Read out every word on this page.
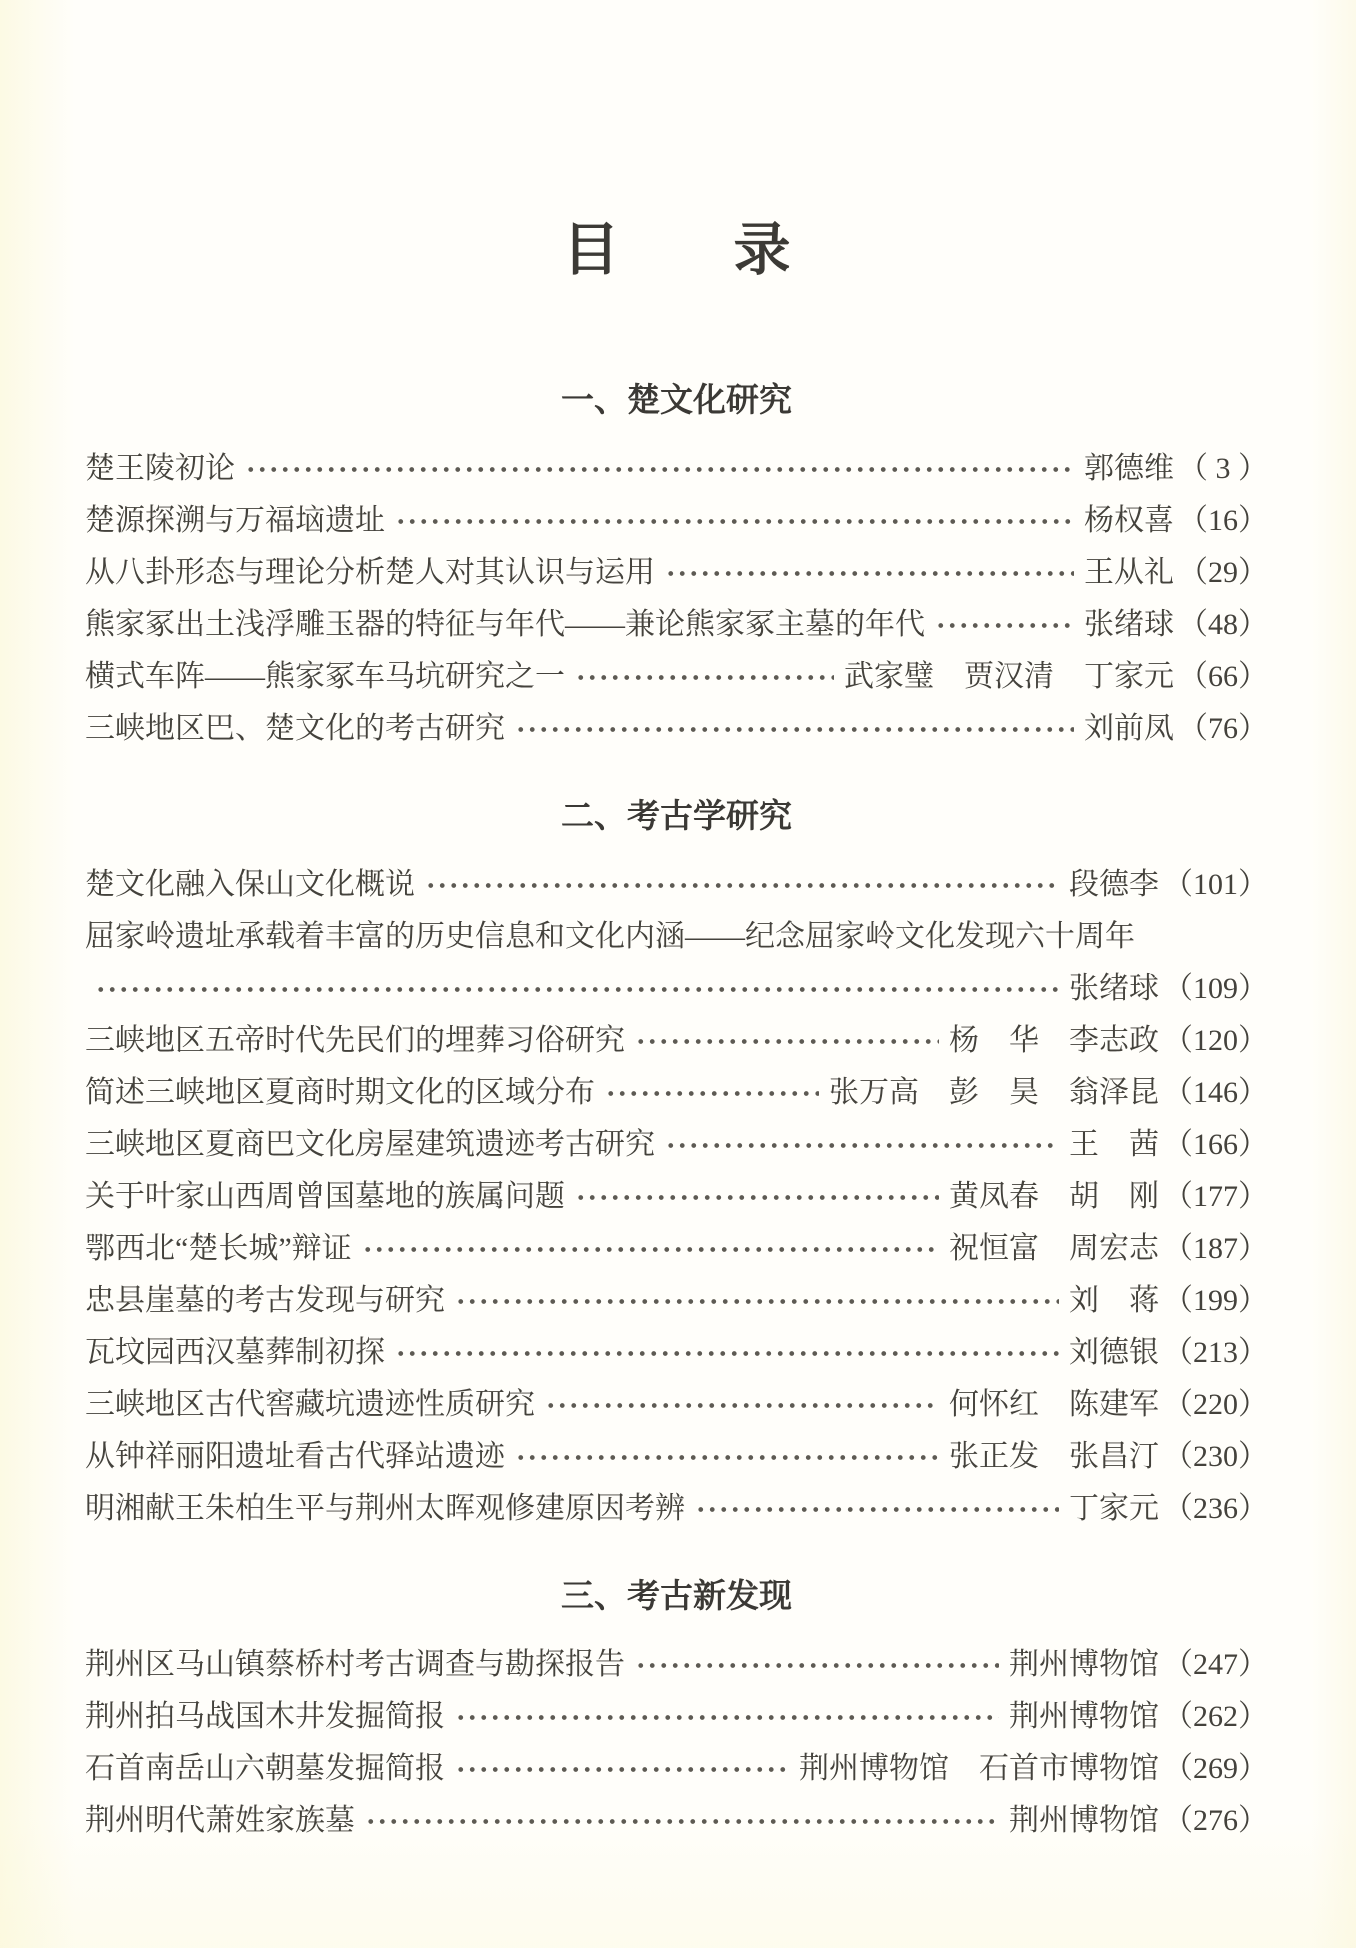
目　　录
一、楚文化研究
楚王陵初论	郭德维 （ 3 ）
楚源探溯与万福垴遗址	杨权喜 （16）
从八卦形态与理论分析楚人对其认识与运用	王从礼 （29）
熊家冢出土浅浮雕玉器的特征与年代——兼论熊家冢主墓的年代	张绪球 （48）
横式车阵——熊家冢车马坑研究之一	武家璧　贾汉清　丁家元 （66）
三峡地区巴、楚文化的考古研究	刘前凤 （76）
二、考古学研究
楚文化融入保山文化概说	段德李 （101）
屈家岭遗址承载着丰富的历史信息和文化内涵——纪念屈家岭文化发现六十周年
张绪球 （109）
三峡地区五帝时代先民们的埋葬习俗研究	杨　华　李志政 （120）
简述三峡地区夏商时期文化的区域分布	张万高　彭　昊　翁泽昆 （146）
三峡地区夏商巴文化房屋建筑遗迹考古研究	王　茜 （166）
关于叶家山西周曾国墓地的族属问题	黄凤春　胡　刚 （177）
鄂西北“楚长城”辩证	祝恒富　周宏志 （187）
忠县崖墓的考古发现与研究	刘　蒋 （199）
瓦坟园西汉墓葬制初探	刘德银 （213）
三峡地区古代窖藏坑遗迹性质研究	何怀红　陈建军 （220）
从钟祥丽阳遗址看古代驿站遗迹	张正发　张昌汀 （230）
明湘献王朱柏生平与荆州太晖观修建原因考辨	丁家元 （236）
三、考古新发现
荆州区马山镇蔡桥村考古调查与勘探报告	荆州博物馆 （247）
荆州拍马战国木井发掘简报	荆州博物馆 （262）
石首南岳山六朝墓发掘简报	荆州博物馆　石首市博物馆 （269）
荆州明代萧姓家族墓	荆州博物馆 （276）
